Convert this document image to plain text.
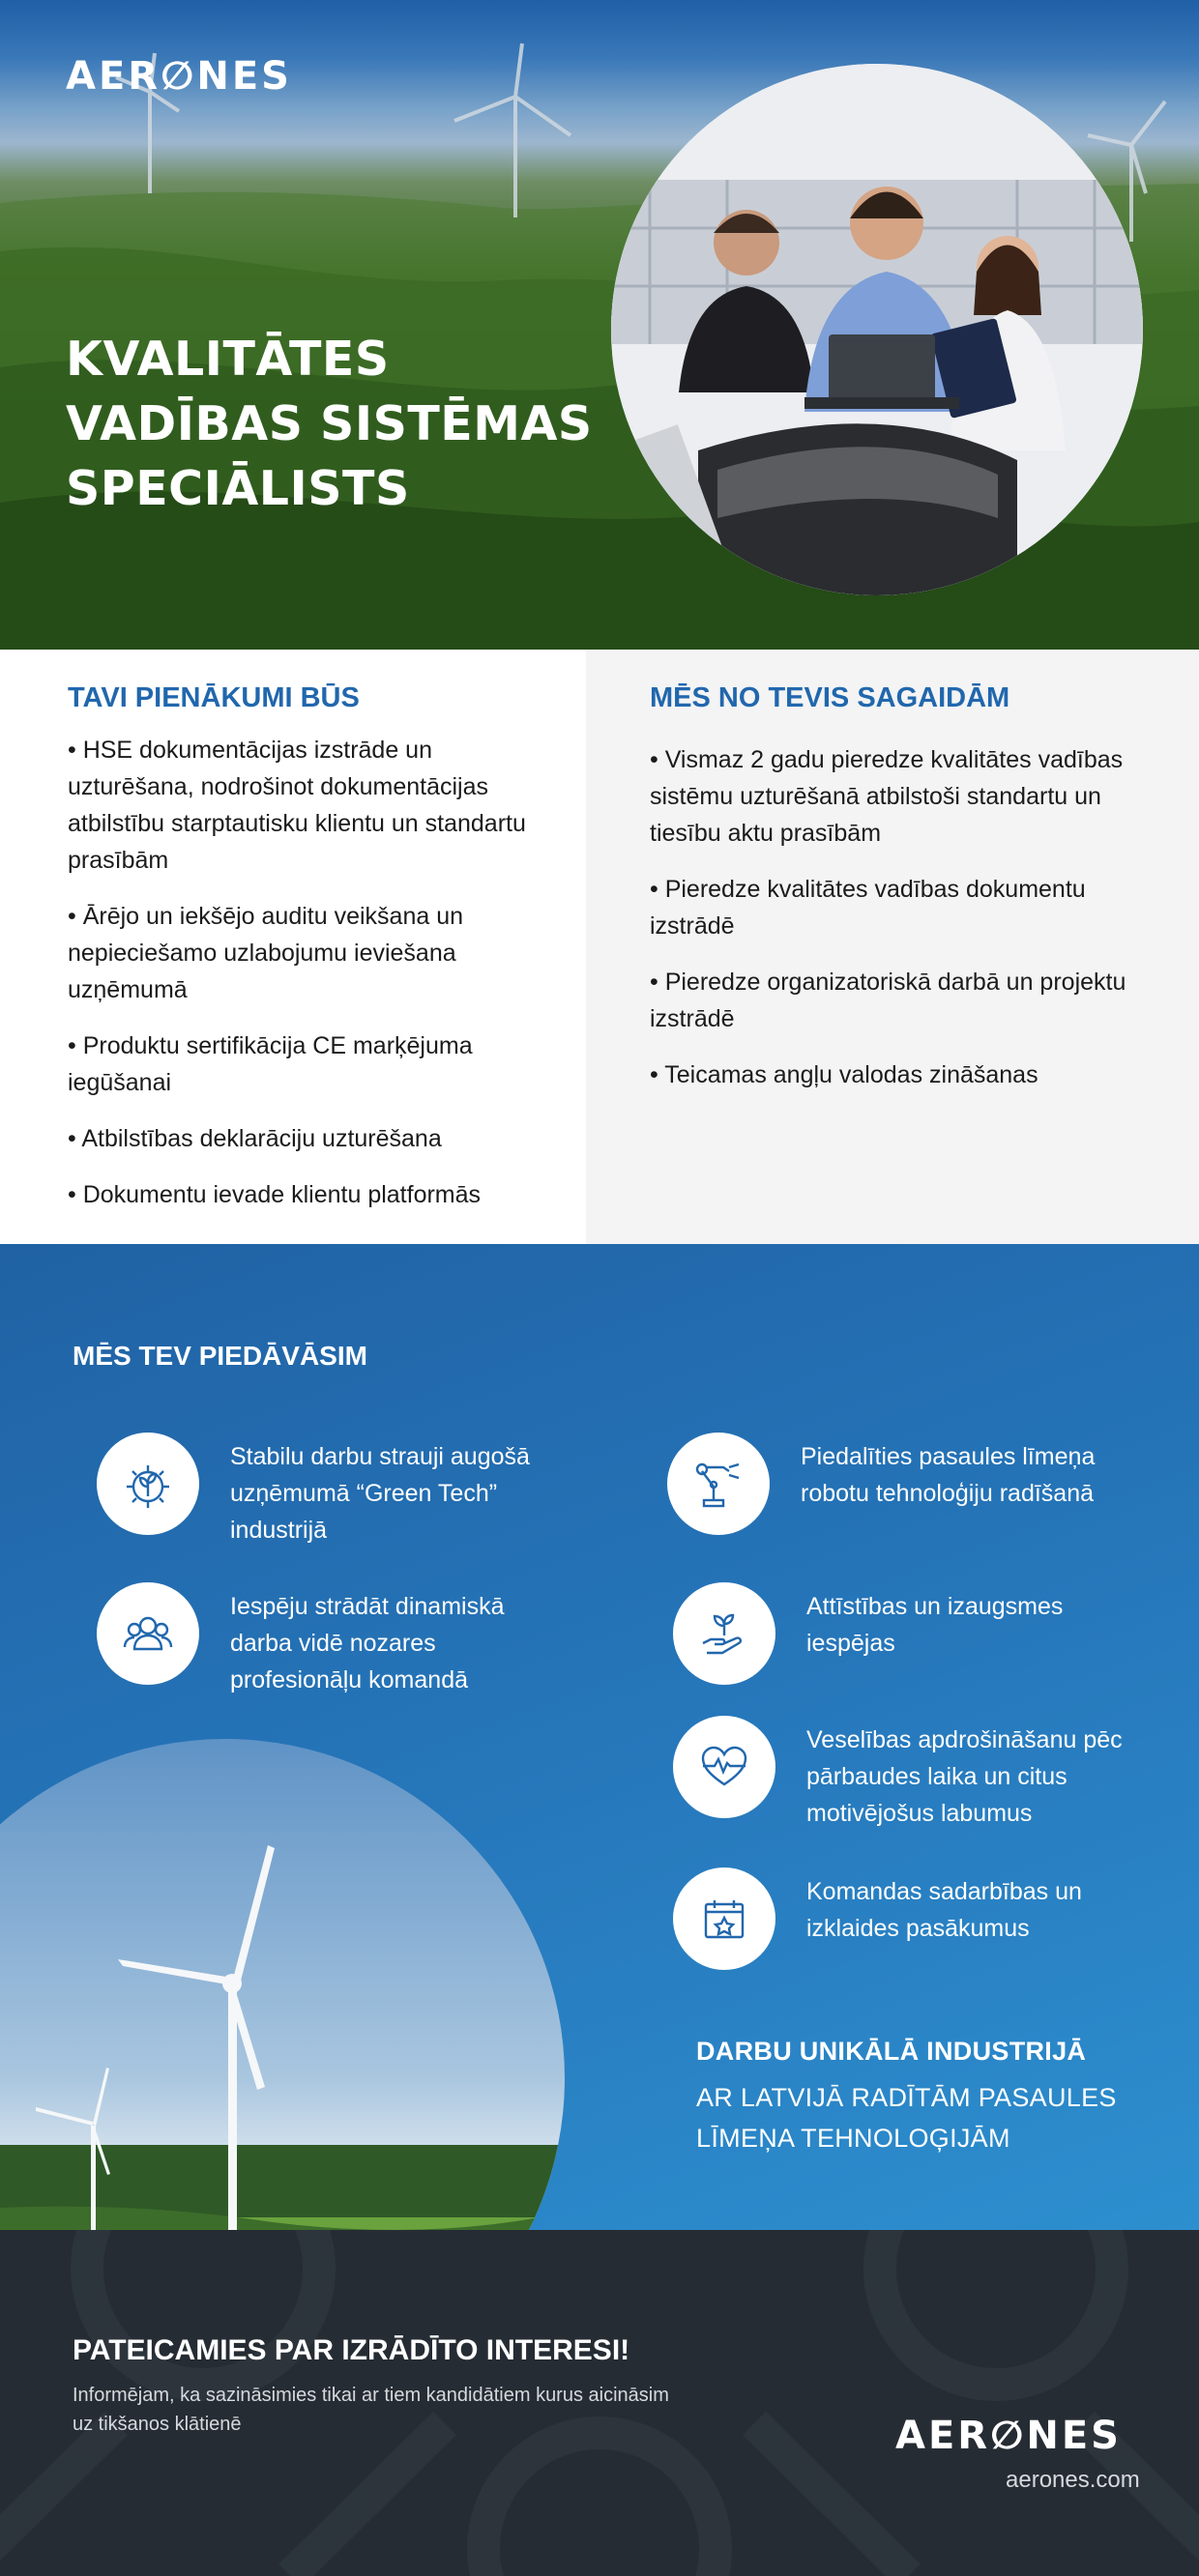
AER∅NES
KVALITĀTES VADĪBAS SISTĒMAS SPECIĀLISTS
TAVI PIENĀKUMI BŪS

• HSE dokumentācijas izstrāde un uzturēšana, nodrošinot dokumentācijas atbilstību starptautisku klientu un standartu prasībām

• Ārējo un iekšējo auditu veikšana un nepieciešamo uzlabojumu ieviešana uzņēmumā

• Produktu sertifikācija CE marķējuma iegūšanai

• Atbilstības deklarāciju uzturēšana

• Dokumentu ievade klientu platformās

MĒS NO TEVIS SAGAIDĀM

• Vismaz 2 gadu pieredze kvalitātes vadības sistēmu uzturēšanā atbilstoši standartu un tiesību aktu prasībām

• Pieredze kvalitātes vadības dokumentu izstrādē

• Pieredze organizatoriskā darbā un projektu izstrādē

• Teicamas angļu valodas zināšanas

MĒS TEV PIEDĀVĀSIM
Stabilu darbu strauji augošā uzņēmumā “Green Tech” industrijā
Iespēju strādāt dinamiskā darba vidē nozares profesionāļu komandā
Piedalīties pasaules līmeņa robotu tehnoloģiju radīšanā
Attīstības un izaugsmes iespējas
Veselības apdrošināšanu pēc pārbaudes laika un citus motivējošus labumus
Komandas sadarbības un izklaides pasākumus
DARBU UNIKĀLĀ INDUSTRIJĀ
AR LATVIJĀ RADĪTĀM PASAULES LĪMEŅA TEHNOLOĢIJĀM
PATEICAMIES PAR IZRĀDĪTO INTERESI!

Informējam, ka sazināsimies tikai ar tiem kandidātiem kurus aicināsim uz tikšanos klātienē	AER∅NES
aerones.com
